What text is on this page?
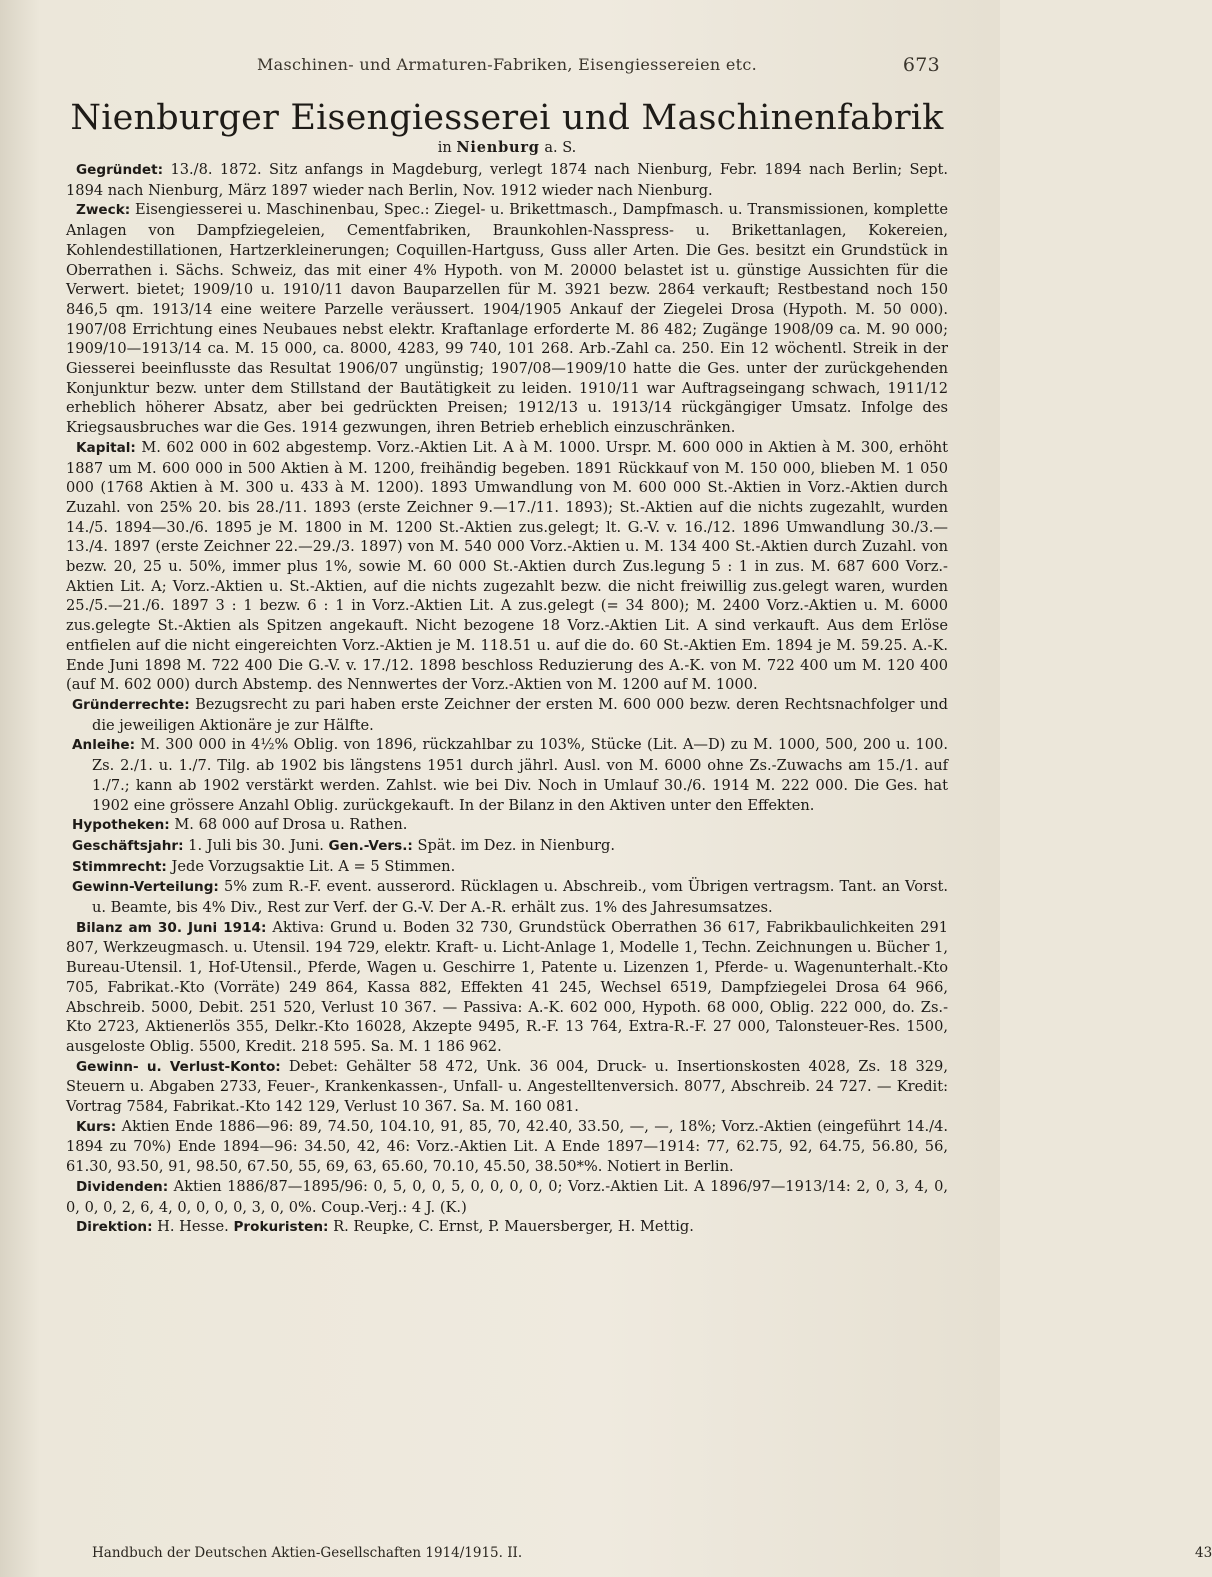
Maschinen- und Armaturen-Fabriken, Eisengiessereien etc.	673
Nienburger Eisengiesserei und Maschinenfabrik
in Nienburg a. S.

Gegründet: 13./8. 1872. Sitz anfangs in Magdeburg, verlegt 1874 nach Nienburg, Febr. 1894 nach Berlin; Sept. 1894 nach Nienburg, März 1897 wieder nach Berlin, Nov. 1912 wieder nach Nienburg.

Zweck: Eisengiesserei u. Maschinenbau, Spec.: Ziegel- u. Brikettmasch., Dampfmasch. u. Transmissionen, komplette Anlagen von Dampfziegeleien, Cementfabriken, Braunkohlen-Nasspress- u. Brikettanlagen, Kokereien, Kohlendestillationen, Hartzerkleinerungen; Coquillen-Hartguss, Guss aller Arten. Die Ges. besitzt ein Grundstück in Oberrathen i. Sächs. Schweiz, das mit einer 4% Hypoth. von M. 20000 belastet ist u. günstige Aussichten für die Verwert. bietet; 1909/10 u. 1910/11 davon Bauparzellen für M. 3921 bezw. 2864 verkauft; Restbestand noch 150 846,5 qm. 1913/14 eine weitere Parzelle veräussert. 1904/1905 Ankauf der Ziegelei Drosa (Hypoth. M. 50 000). 1907/08 Errichtung eines Neubaues nebst elektr. Kraftanlage erforderte M. 86 482; Zugänge 1908/09 ca. M. 90 000; 1909/10—1913/14 ca. M. 15 000, ca. 8000, 4283, 99 740, 101 268. Arb.-Zahl ca. 250. Ein 12 wöchentl. Streik in der Giesserei beeinflusste das Resultat 1906/07 ungünstig; 1907/08—1909/10 hatte die Ges. unter der zurückgehenden Konjunktur bezw. unter dem Stillstand der Bautätigkeit zu leiden. 1910/11 war Auftragseingang schwach, 1911/12 erheblich höherer Absatz, aber bei gedrückten Preisen; 1912/13 u. 1913/14 rückgängiger Umsatz. Infolge des Kriegsausbruches war die Ges. 1914 gezwungen, ihren Betrieb erheblich einzuschränken.

Kapital: M. 602 000 in 602 abgestemp. Vorz.-Aktien Lit. A à M. 1000. Urspr. M. 600 000 in Aktien à M. 300, erhöht 1887 um M. 600 000 in 500 Aktien à M. 1200, freihändig begeben. 1891 Rückkauf von M. 150 000, blieben M. 1 050 000 (1768 Aktien à M. 300 u. 433 à M. 1200). 1893 Umwandlung von M. 600 000 St.-Aktien in Vorz.-Aktien durch Zuzahl. von 25% 20. bis 28./11. 1893 (erste Zeichner 9.—17./11. 1893); St.-Aktien auf die nichts zugezahlt, wurden 14./5. 1894—30./6. 1895 je M. 1800 in M. 1200 St.-Aktien zus.gelegt; lt. G.-V. v. 16./12. 1896 Umwandlung 30./3.—13./4. 1897 (erste Zeichner 22.—29./3. 1897) von M. 540 000 Vorz.-Aktien u. M. 134 400 St.-Aktien durch Zuzahl. von bezw. 20, 25 u. 50%, immer plus 1%, sowie M. 60 000 St.-Aktien durch Zus.legung 5 : 1 in zus. M. 687 600 Vorz.-Aktien Lit. A; Vorz.-Aktien u. St.-Aktien, auf die nichts zugezahlt bezw. die nicht freiwillig zus.gelegt waren, wurden 25./5.—21./6. 1897 3 : 1 bezw. 6 : 1 in Vorz.-Aktien Lit. A zus.gelegt (= 34 800); M. 2400 Vorz.-Aktien u. M. 6000 zus.gelegte St.-Aktien als Spitzen angekauft. Nicht bezogene 18 Vorz.-Aktien Lit. A sind verkauft. Aus dem Erlöse entfielen auf die nicht eingereichten Vorz.-Aktien je M. 118.51 u. auf die do. 60 St.-Aktien Em. 1894 je M. 59.25. A.-K. Ende Juni 1898 M. 722 400 Die G.-V. v. 17./12. 1898 beschloss Reduzierung des A.-K. von M. 722 400 um M. 120 400 (auf M. 602 000) durch Abstemp. des Nennwertes der Vorz.-Aktien von M. 1200 auf M. 1000.

Gründerrechte: Bezugsrecht zu pari haben erste Zeichner der ersten M. 600 000 bezw. deren Rechtsnachfolger und die jeweiligen Aktionäre je zur Hälfte.

Anleihe: M. 300 000 in 4½% Oblig. von 1896, rückzahlbar zu 103%, Stücke (Lit. A—D) zu M. 1000, 500, 200 u. 100. Zs. 2./1. u. 1./7. Tilg. ab 1902 bis längstens 1951 durch jährl. Ausl. von M. 6000 ohne Zs.-Zuwachs am 15./1. auf 1./7.; kann ab 1902 verstärkt werden. Zahlst. wie bei Div. Noch in Umlauf 30./6. 1914 M. 222 000. Die Ges. hat 1902 eine grössere Anzahl Oblig. zurückgekauft. In der Bilanz in den Aktiven unter den Effekten.

Hypotheken: M. 68 000 auf Drosa u. Rathen.

Geschäftsjahr: 1. Juli bis 30. Juni. Gen.-Vers.: Spät. im Dez. in Nienburg.

Stimmrecht: Jede Vorzugsaktie Lit. A = 5 Stimmen.

Gewinn-Verteilung: 5% zum R.-F. event. ausserord. Rücklagen u. Abschreib., vom Übrigen vertragsm. Tant. an Vorst. u. Beamte, bis 4% Div., Rest zur Verf. der G.-V. Der A.-R. erhält zus. 1% des Jahresumsatzes.

Bilanz am 30. Juni 1914: Aktiva: Grund u. Boden 32 730, Grundstück Oberrathen 36 617, Fabrikbaulichkeiten 291 807, Werkzeugmasch. u. Utensil. 194 729, elektr. Kraft- u. Licht-Anlage 1, Modelle 1, Techn. Zeichnungen u. Bücher 1, Bureau-Utensil. 1, Hof-Utensil., Pferde, Wagen u. Geschirre 1, Patente u. Lizenzen 1, Pferde- u. Wagenunterhalt.-Kto 705, Fabrikat.-Kto (Vorräte) 249 864, Kassa 882, Effekten 41 245, Wechsel 6519, Dampfziegelei Drosa 64 966, Abschreib. 5000, Debit. 251 520, Verlust 10 367. — Passiva: A.-K. 602 000, Hypoth. 68 000, Oblig. 222 000, do. Zs.-Kto 2723, Aktienerlös 355, Delkr.-Kto 16028, Akzepte 9495, R.-F. 13 764, Extra-R.-F. 27 000, Talonsteuer-Res. 1500, ausgeloste Oblig. 5500, Kredit. 218 595. Sa. M. 1 186 962.

Gewinn- u. Verlust-Konto: Debet: Gehälter 58 472, Unk. 36 004, Druck- u. Insertionskosten 4028, Zs. 18 329, Steuern u. Abgaben 2733, Feuer-, Krankenkassen-, Unfall- u. Angestelltenversich. 8077, Abschreib. 24 727. — Kredit: Vortrag 7584, Fabrikat.-Kto 142 129, Verlust 10 367. Sa. M. 160 081.

Kurs: Aktien Ende 1886—96: 89, 74.50, 104.10, 91, 85, 70, 42.40, 33.50, —, —, 18%; Vorz.-Aktien (eingeführt 14./4. 1894 zu 70%) Ende 1894—96: 34.50, 42, 46: Vorz.-Aktien Lit. A Ende 1897—1914: 77, 62.75, 92, 64.75, 56.80, 56, 61.30, 93.50, 91, 98.50, 67.50, 55, 69, 63, 65.60, 70.10, 45.50, 38.50*%. Notiert in Berlin.

Dividenden: Aktien 1886/87—1895/96: 0, 5, 0, 0, 5, 0, 0, 0, 0, 0; Vorz.-Aktien Lit. A 1896/97—1913/14: 2, 0, 3, 4, 0, 0, 0, 0, 2, 6, 4, 0, 0, 0, 0, 3, 0, 0%. Coup.-Verj.: 4 J. (K.)

Direktion: H. Hesse. Prokuristen: R. Reupke, C. Ernst, P. Mauersberger, H. Mettig.

Handbuch der Deutschen Aktien-Gesellschaften 1914/1915. II.	43
